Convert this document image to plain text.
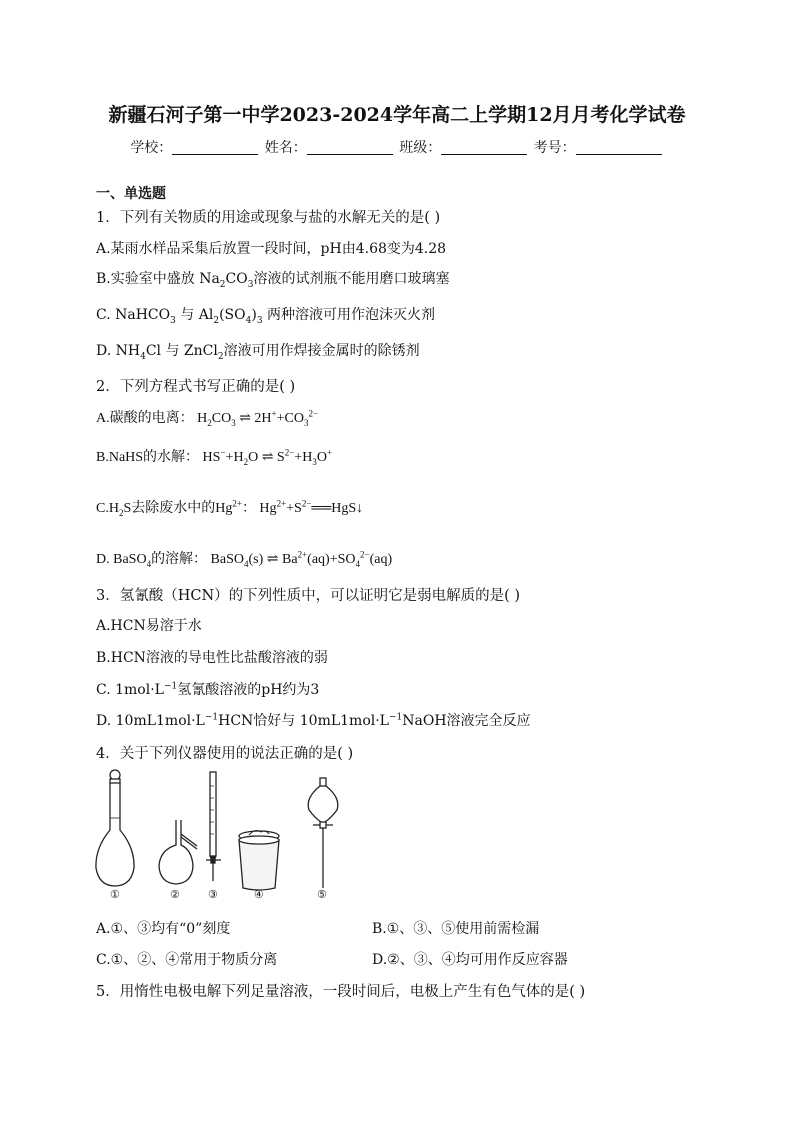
新疆石河子第一中学2023-2024学年高二上学期12月月考化学试卷
学校：	姓名：	班级：	考号：
一、单选题
1．下列有关物质的用途或现象与盐的水解无关的是( )
A.某雨水样品采集后放置一段时间，pH由4.68变为4.28
B.实验室中盛放 $Na_2CO_3$溶液的试剂瓶不能用磨口玻璃塞
C. NaHCO$_3$ 与 $Al_2(SO_4)_3$ 两种溶液可用作泡沫灭火剂
D. $NH_4Cl$ 与 ZnCl$_2$溶液可用作焊接金属时的除锈剂
2．下列方程式书写正确的是( )
A.碳酸的电离： $H_2CO_3$ ⇌ $2H^++CO_3^{2-}$
B.NaHS的水解： $HS^-+H_2O$ ⇌ $S^{2-}+H_3O^+$
$C.H_2S$去除废水中的$Hg^{2+}$： $Hg^{2+}+S^{2-}══HgS↓$
D. BaSO$_4$的溶解： BaSO$_4$(s) ⇌ $Ba^{2+}(aq)+SO_4^{2-}(aq)$
3．氢氰酸（HCN）的下列性质中，可以证明它是弱电解质的是( )
A.HCN易溶于水
B.HCN溶液的导电性比盐酸溶液的弱
C. $1mol\cdot L^{-1}$氢氰酸溶液的pH约为3
D. $10mL1mol\cdot L^{-1}HCN$恰好与 $10mL1mol\cdot L^{-1}NaOH$溶液完全反应
4．关于下列仪器使用的说法正确的是( )
①	②	③	④	⑤
A.①、③均有“0”刻度	B.①、③、⑤使用前需检漏
C.①、②、④常用于物质分离	D.②、③、④均可用作反应容器
5．用惰性电极电解下列足量溶液，一段时间后，电极上产生有色气体的是( )
